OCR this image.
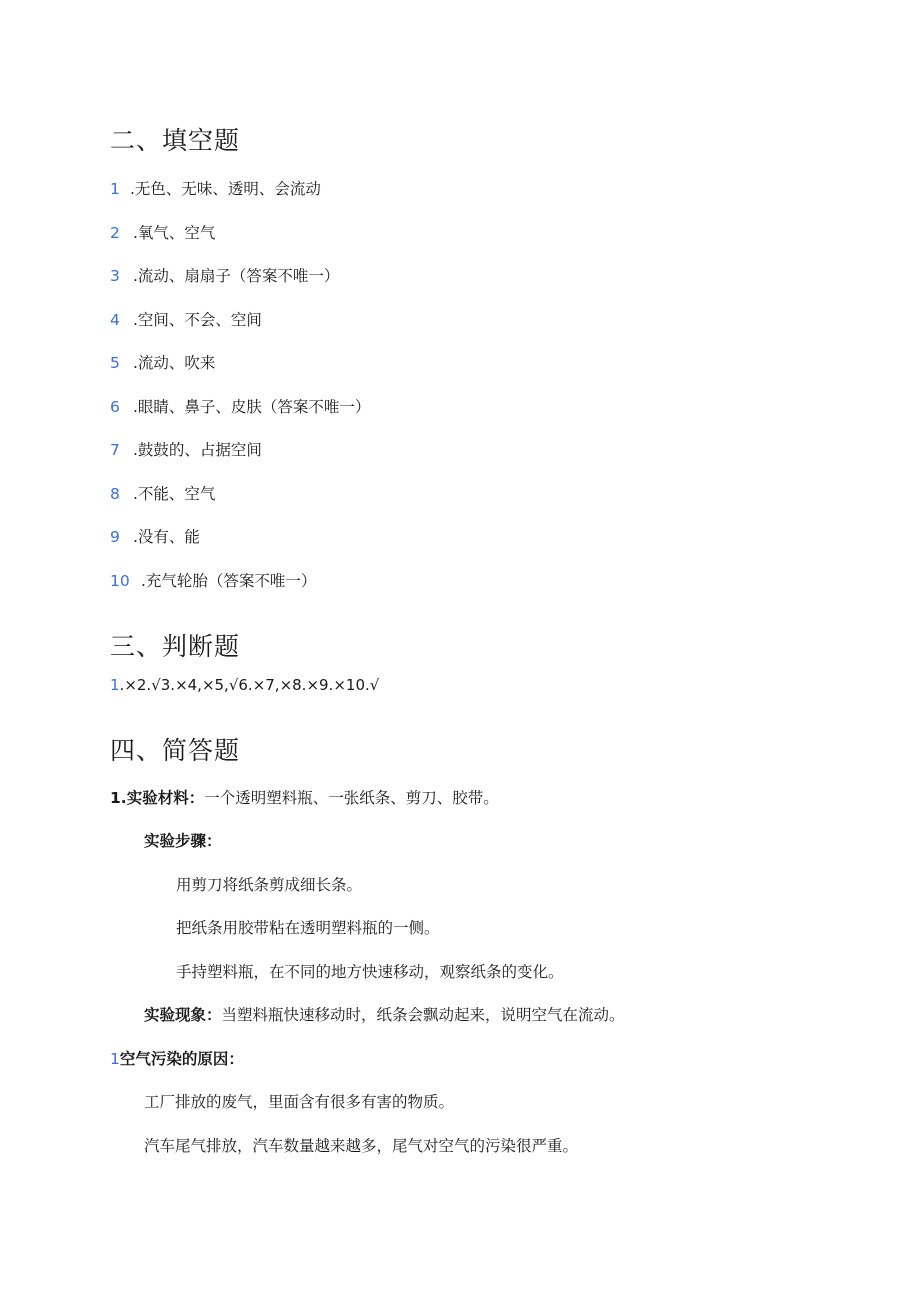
二、填空题
1 .无色、无味、透明、会流动
2 .氧气、空气
3 .流动、扇扇子（答案不唯一）
4 .空间、不会、空间
5 .流动、吹来
6 .眼睛、鼻子、皮肤（答案不唯一）
7 .鼓鼓的、占据空间
8 .不能、空气
9 .没有、能
10 .充气轮胎（答案不唯一）
三、判断题
1.×2.√3.×4,×5,√6.×7,×8.×9.×10.√
四、简答题
1.实验材料：一个透明塑料瓶、一张纸条、剪刀、胶带。
实验步骤：
用剪刀将纸条剪成细长条。
把纸条用胶带粘在透明塑料瓶的一侧。
手持塑料瓶，在不同的地方快速移动，观察纸条的变化。
实验现象：当塑料瓶快速移动时，纸条会飘动起来，说明空气在流动。
1空气污染的原因：
工厂排放的废气，里面含有很多有害的物质。
汽车尾气排放，汽车数量越来越多，尾气对空气的污染很严重。
